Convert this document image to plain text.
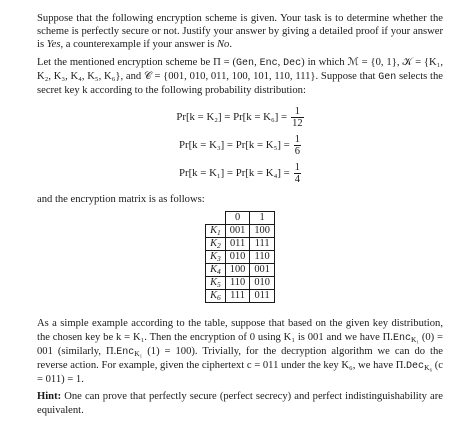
Suppose that the following encryption scheme is given. Your task is to determine whether the scheme is perfectly secure or not. Justify your answer by giving a detailed proof if your answer is Yes, a counterexample if your answer is No.

Let the mentioned encryption scheme be Π = (Gen, Enc, Dec) in which ℳ = {0, 1}, 𝒦 = {K₁, K₂, K₃, K₄, K₅, K₆}, and 𝒞 = {001, 010, 011, 100, 101, 110, 111}. Suppose that Gen selects the secret key k according to the following probability distribution:

$Pr[k = K_2] = Pr[k = K_6] = \frac{1}{12}$

$Pr[k = K_3] = Pr[k = K_5] = \frac{1}{6}$

$Pr[k = K_1] = Pr[k = K_4] = \frac{1}{4}$

and the encryption matrix is as follows:

	0	1
$K_1$	001	100
$K_2$	011	111
$K_3$	010	110
$K_4$	100	001
$K_5$	110	010
$K_6$	111	011

As a simple example according to the table, suppose that based on the given key distribution, the chosen key be k = K₁. Then the encryption of 0 using K₁ is 001 and we have Π.Enc$_{K_1}$ (0) = 001 (similarly, Π.Enc$_{K_1}$ (1) = 100). Trivially, for the decryption algorithm we can do the reverse action. For example, given the ciphertext c = 011 under the key K₆, we have Π.Dec$_{K_6}$ (c = 011) = 1.

Hint: One can prove that perfectly secure (perfect secrecy) and perfect indistinguishability are equivalent.
